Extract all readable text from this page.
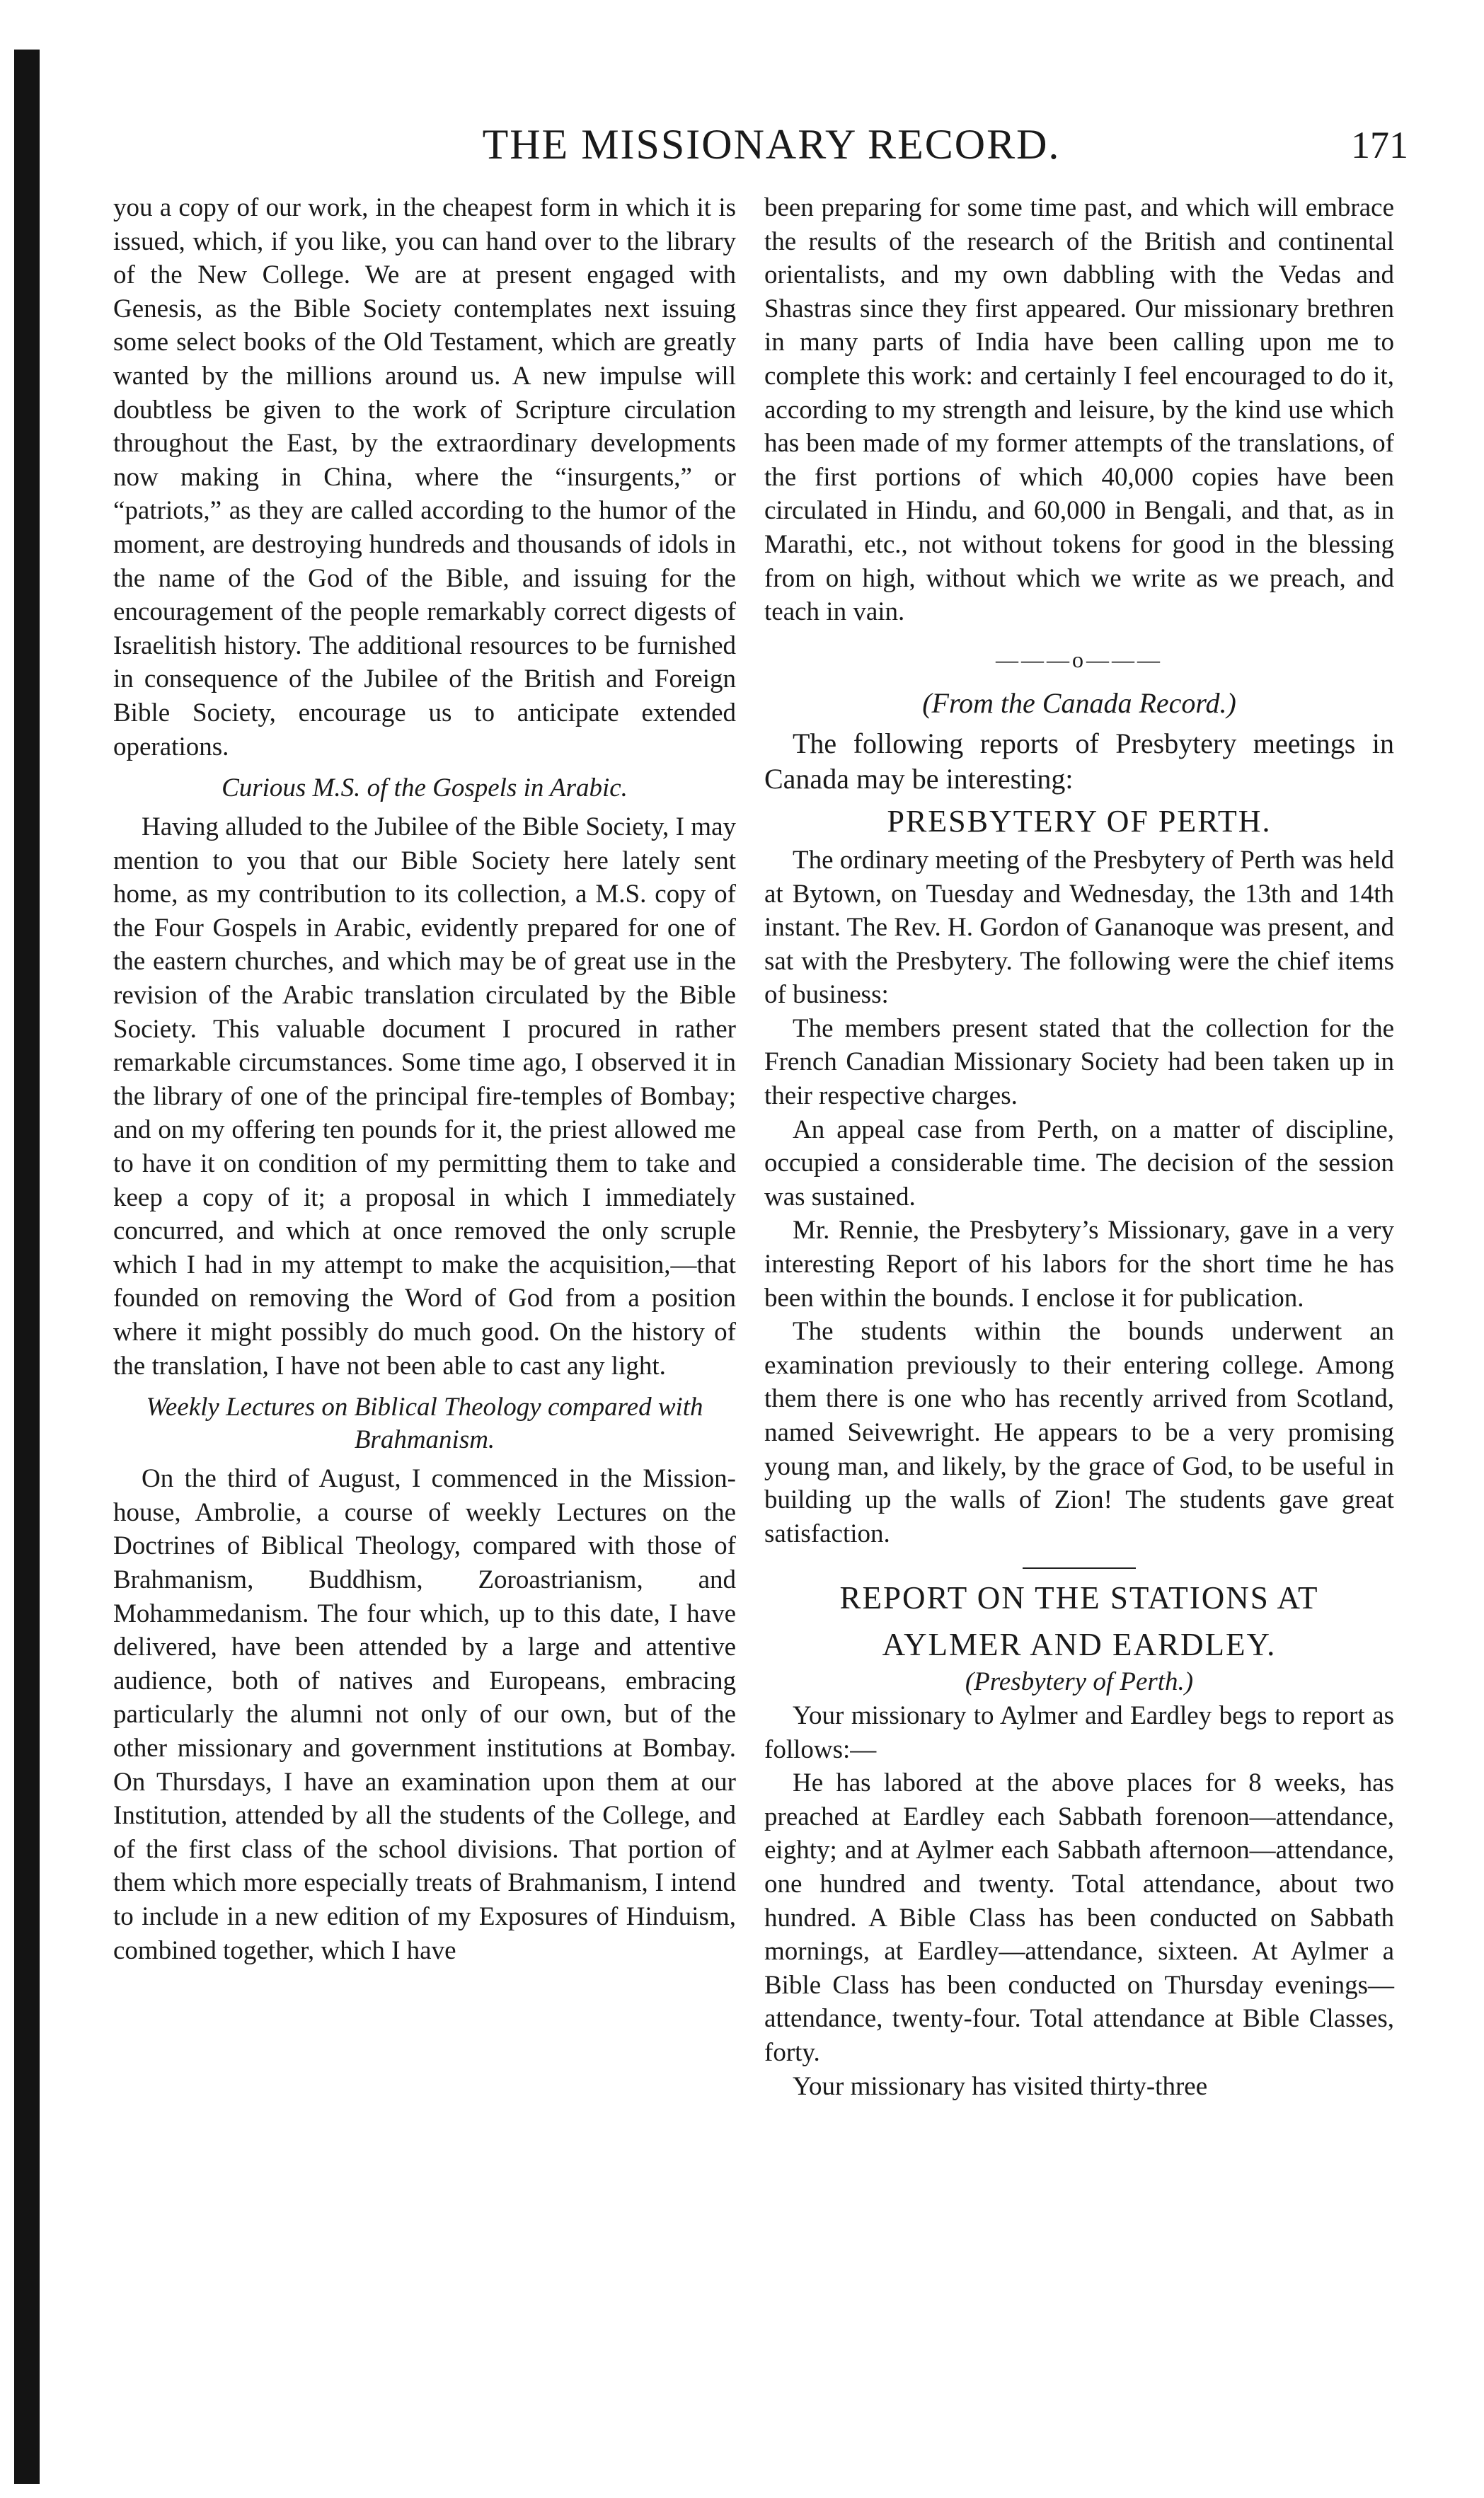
THE MISSIONARY RECORD.	171

you a copy of our work, in the cheapest form in which it is issued, which, if you like, you can hand over to the library of the New College. We are at present engaged with Genesis, as the Bible Society contemplates next issuing some select books of the Old Testament, which are greatly wanted by the millions around us. A new impulse will doubtless be given to the work of Scripture circulation throughout the East, by the extraordinary developments now making in China, where the “insurgents,” or “patriots,” as they are called according to the humor of the moment, are destroying hundreds and thousands of idols in the name of the God of the Bible, and issuing for the encouragement of the people remarkably correct digests of Israelitish history. The additional resources to be furnished in consequence of the Jubilee of the British and Foreign Bible Society, encourage us to anticipate extended operations.

Curious M.S. of the Gospels in Arabic.

Having alluded to the Jubilee of the Bible Society, I may mention to you that our Bible Society here lately sent home, as my contribution to its collection, a M.S. copy of the Four Gospels in Arabic, evidently prepared for one of the eastern churches, and which may be of great use in the revision of the Arabic translation circulated by the Bible Society. This valuable document I procured in rather remarkable circumstances. Some time ago, I observed it in the library of one of the principal fire-temples of Bombay; and on my offering ten pounds for it, the priest allowed me to have it on condition of my permitting them to take and keep a copy of it; a proposal in which I immediately concurred, and which at once removed the only scruple which I had in my attempt to make the acquisition,—that founded on removing the Word of God from a position where it might possibly do much good. On the history of the translation, I have not been able to cast any light.

Weekly Lectures on Biblical Theology compared with Brahmanism.

On the third of August, I commenced in the Mission-house, Ambrolie, a course of weekly Lectures on the Doctrines of Biblical Theology, compared with those of Brahmanism, Buddhism, Zoroastrianism, and Mohammedanism. The four which, up to this date, I have delivered, have been attended by a large and attentive audience, both of natives and Europeans, embracing particularly the alumni not only of our own, but of the other missionary and government institutions at Bombay. On Thursdays, I have an examination upon them at our Institution, attended by all the students of the College, and of the first class of the school divisions. That portion of them which more especially treats of Brahmanism, I intend to include in a new edition of my Exposures of Hinduism, combined together, which I have

been preparing for some time past, and which will embrace the results of the research of the British and continental orientalists, and my own dabbling with the Vedas and Shastras since they first appeared. Our missionary brethren in many parts of India have been calling upon me to complete this work: and certainly I feel encouraged to do it, according to my strength and leisure, by the kind use which has been made of my former attempts of the translations, of the first portions of which 40,000 copies have been circulated in Hindu, and 60,000 in Bengali, and that, as in Marathi, etc., not without tokens for good in the blessing from on high, without which we write as we preach, and teach in vain.

———o———
(From the Canada Record.)

The following reports of Presbytery meetings in Canada may be interesting:

PRESBYTERY OF PERTH.

The ordinary meeting of the Presbytery of Perth was held at Bytown, on Tuesday and Wednesday, the 13th and 14th instant. The Rev. H. Gordon of Gananoque was present, and sat with the Presbytery. The following were the chief items of business:

The members present stated that the collection for the French Canadian Missionary Society had been taken up in their respective charges.

An appeal case from Perth, on a matter of discipline, occupied a considerable time. The decision of the session was sustained.

Mr. Rennie, the Presbytery’s Missionary, gave in a very interesting Report of his labors for the short time he has been within the bounds. I enclose it for publication.

The students within the bounds underwent an examination previously to their entering college. Among them there is one who has recently arrived from Scotland, named Seivewright. He appears to be a very promising young man, and likely, by the grace of God, to be useful in building up the walls of Zion! The students gave great satisfaction.

REPORT ON THE STATIONS AT
AYLMER AND EARDLEY.
(Presbytery of Perth.)

Your missionary to Aylmer and Eardley begs to report as follows:—

He has labored at the above places for 8 weeks, has preached at Eardley each Sabbath forenoon—attendance, eighty; and at Aylmer each Sabbath afternoon—attendance, one hundred and twenty. Total attendance, about two hundred. A Bible Class has been conducted on Sabbath mornings, at Eardley—attendance, sixteen. At Aylmer a Bible Class has been conducted on Thursday evenings—attendance, twenty-four. Total attendance at Bible Classes, forty.

Your missionary has visited thirty-three
